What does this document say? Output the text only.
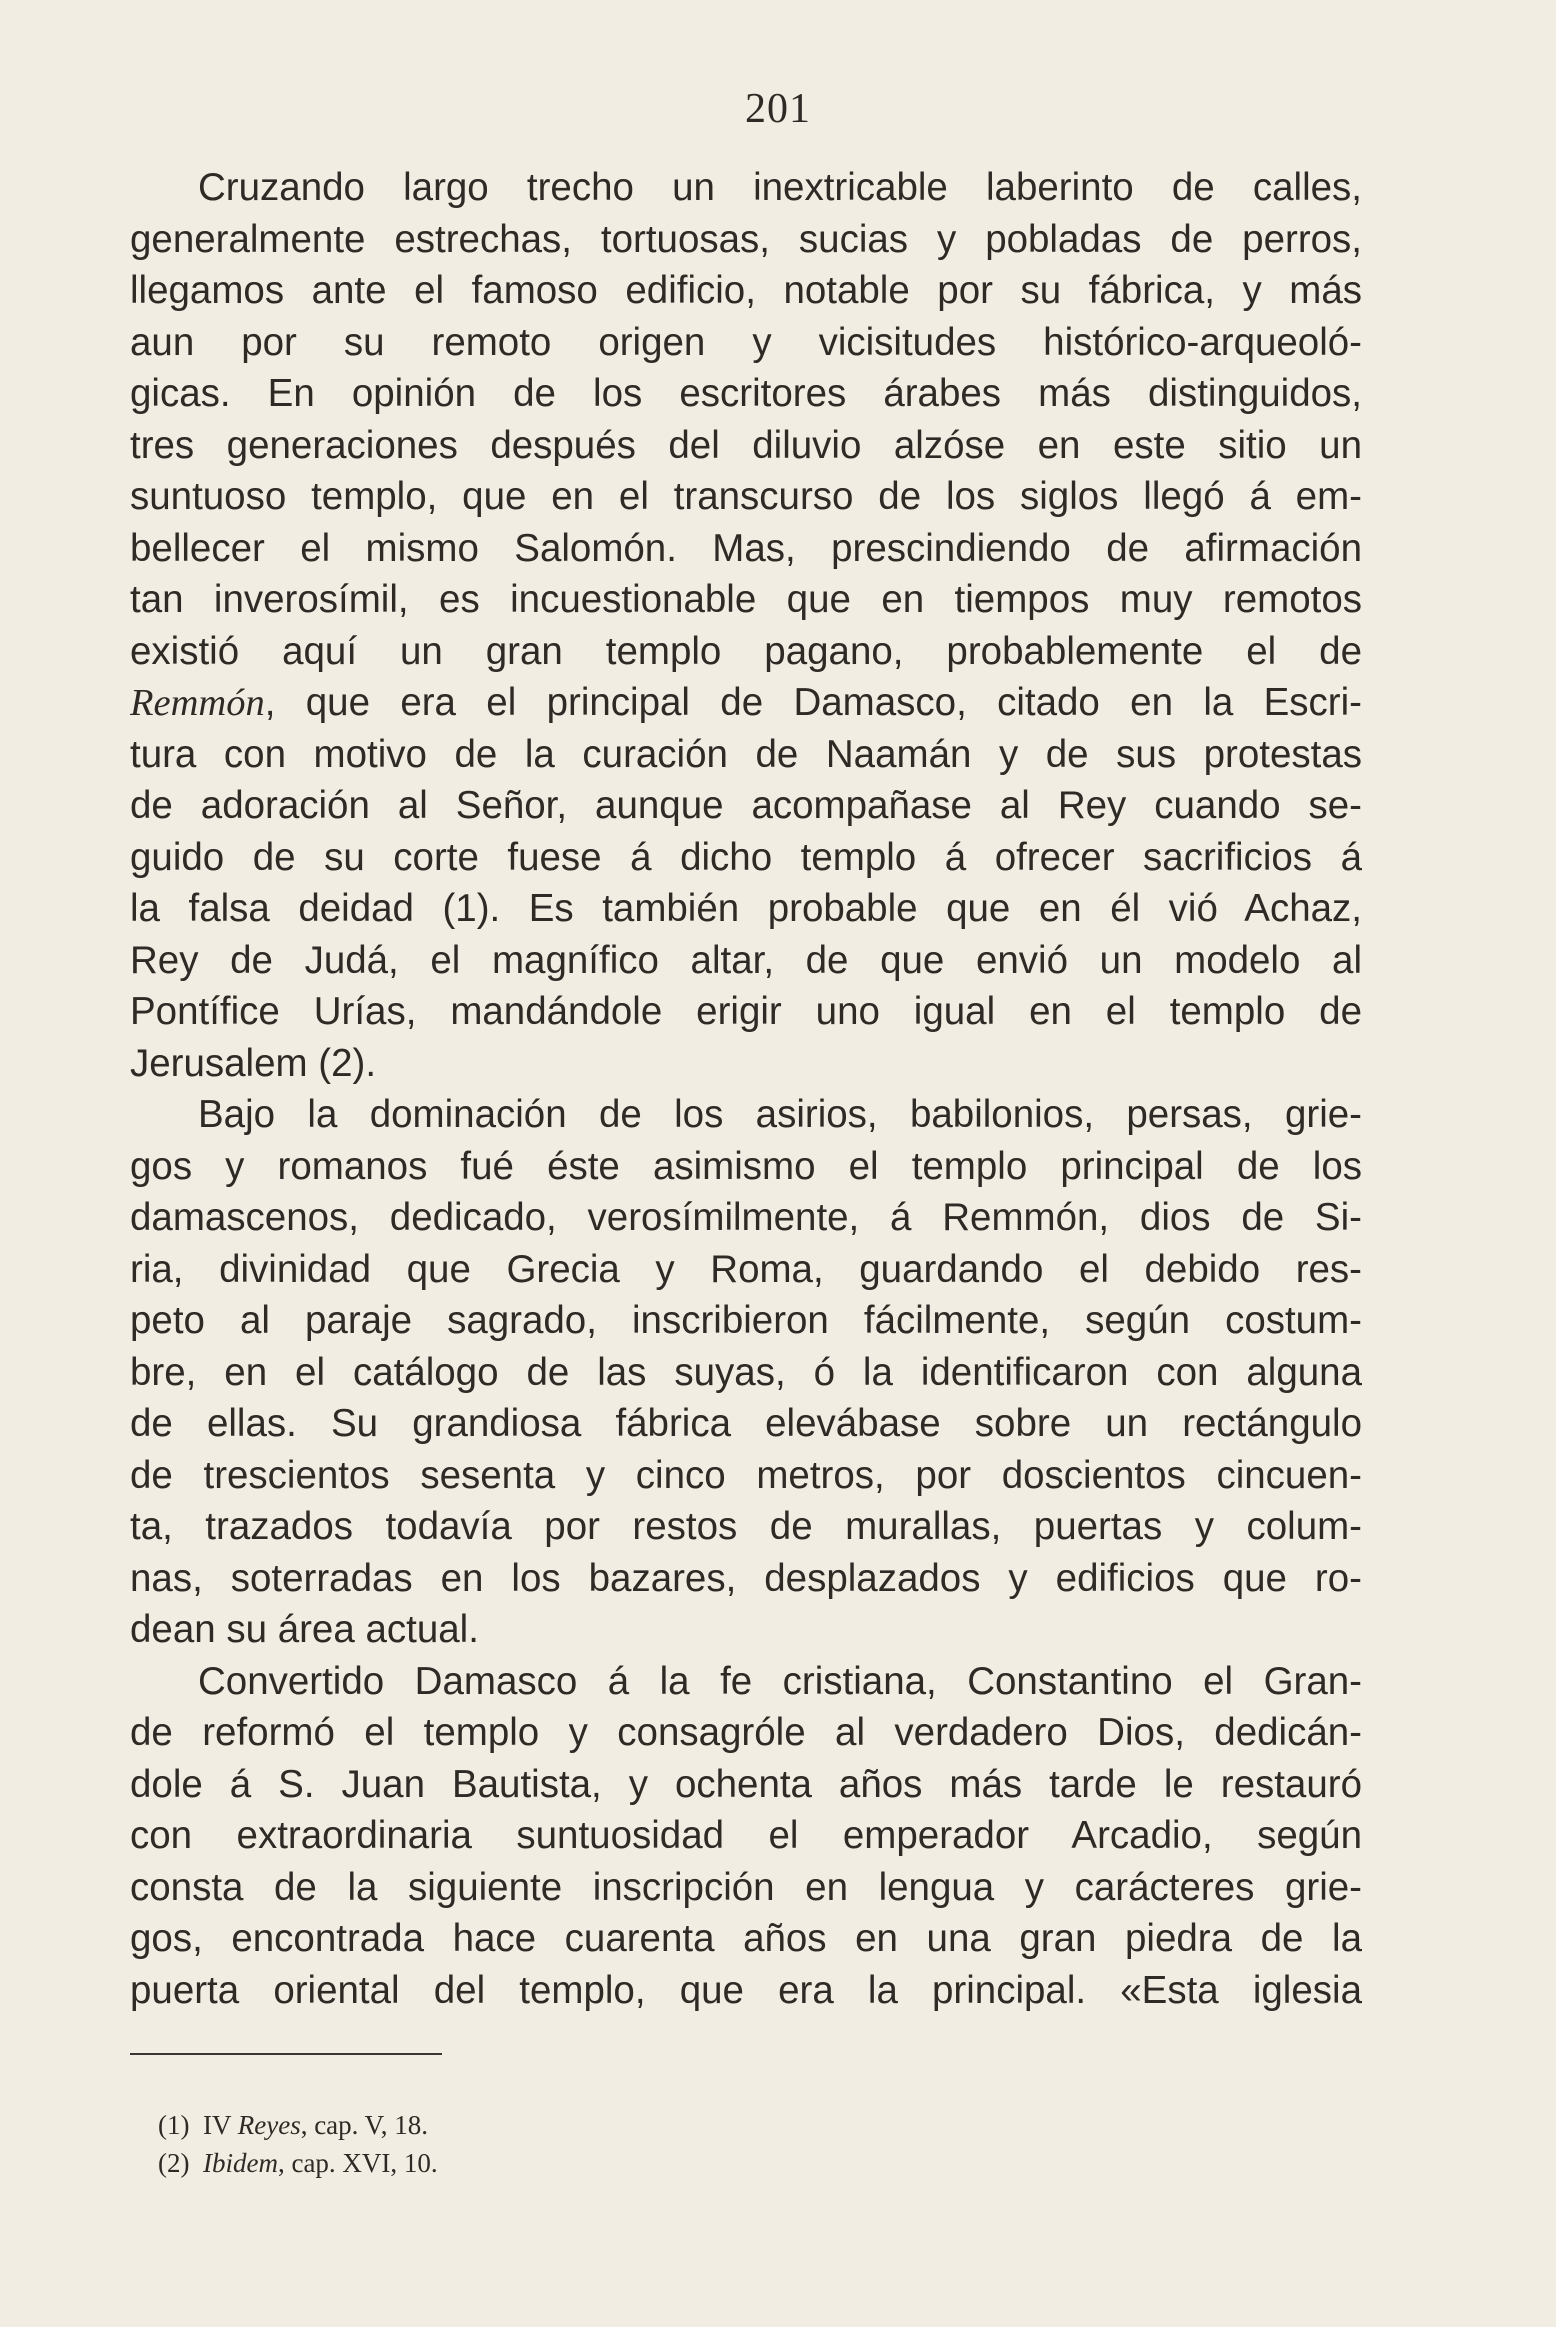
201
Cruzando largo trecho un inextricable laberinto de calles,
generalmente estrechas, tortuosas, sucias y pobladas de perros,
llegamos ante el famoso edificio, notable por su fábrica, y más
aun por su remoto origen y vicisitudes histórico-arqueoló-
gicas. En opinión de los escritores árabes más distinguidos,
tres generaciones después del diluvio alzóse en este sitio un
suntuoso templo, que en el transcurso de los siglos llegó á em-
bellecer el mismo Salomón. Mas, prescindiendo de afirmación
tan inverosímil, es incuestionable que en tiempos muy remotos
existió aquí un gran templo pagano, probablemente el de
Remmón, que era el principal de Damasco, citado en la Escri-
tura con motivo de la curación de Naamán y de sus protestas
de adoración al Señor, aunque acompañase al Rey cuando se-
guido de su corte fuese á dicho templo á ofrecer sacrificios á
la falsa deidad (1). Es también probable que en él vió Achaz,
Rey de Judá, el magnífico altar, de que envió un modelo al
Pontífice Urías, mandándole erigir uno igual en el templo de
Jerusalem (2).
Bajo la dominación de los asirios, babilonios, persas, grie-
gos y romanos fué éste asimismo el templo principal de los
damascenos, dedicado, verosímilmente, á Remmón, dios de Si-
ria, divinidad que Grecia y Roma, guardando el debido res-
peto al paraje sagrado, inscribieron fácilmente, según costum-
bre, en el catálogo de las suyas, ó la identificaron con alguna
de ellas. Su grandiosa fábrica elevábase sobre un rectángulo
de trescientos sesenta y cinco metros, por doscientos cincuen-
ta, trazados todavía por restos de murallas, puertas y colum-
nas, soterradas en los bazares, desplazados y edificios que ro-
dean su área actual.
Convertido Damasco á la fe cristiana, Constantino el Gran-
de reformó el templo y consagróle al verdadero Dios, dedicán-
dole á S. Juan Bautista, y ochenta años más tarde le restauró
con extraordinaria suntuosidad el emperador Arcadio, según
consta de la siguiente inscripción en lengua y carácteres grie-
gos, encontrada hace cuarenta años en una gran piedra de la
puerta oriental del templo, que era la principal. «Esta iglesia
(1)  IV Reyes, cap. V, 18.
(2)  Ibidem, cap. XVI, 10.
